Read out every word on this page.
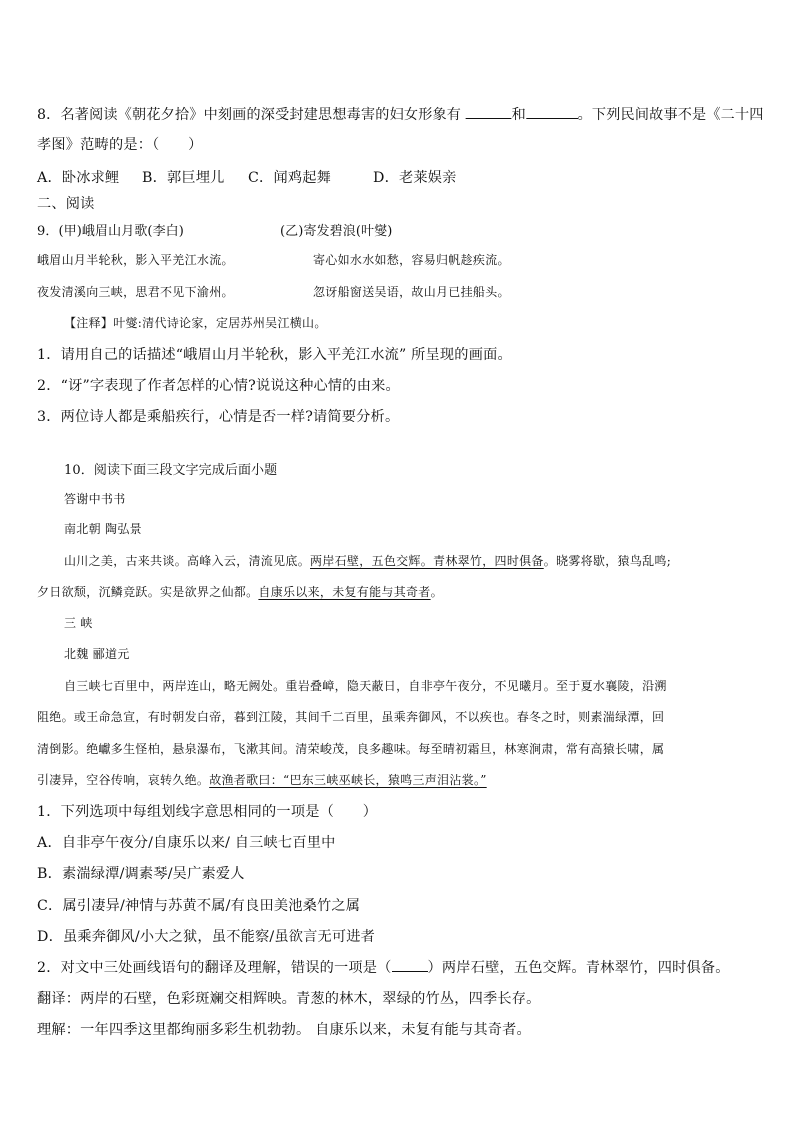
8．名著阅读《朝花夕拾》中刻画的深受封建思想毒害的妇女形象有	和	。下列民间故事不是《二十四
孝图》范畴的是：（　　）
A．卧冰求鲤 B．郭巨埋儿 C．闻鸡起舞	D．老莱娱亲
二、阅读
9．(甲)峨眉山月歌(李白)	(乙)寄发碧浪(叶燮)
峨眉山月半轮秋，影入平羌江水流。	寄心如水水如愁，容易归帆趁疾流。
夜发清溪向三峡，思君不见下渝州。	忽讶船窗送吴语，故山月已挂船头。
【注释】叶燮:清代诗论家，定居苏州吴江横山。
1．请用自己的话描述“峨眉山月半轮秋，影入平羌江水流” 所呈现的画面。
2．“讶”字表现了作者怎样的心情?说说这种心情的由来。
3．两位诗人都是乘船疾行，心情是否一样?请简要分析。
10．阅读下面三段文字完成后面小题
答谢中书书
南北朝 陶弘景
山川之美，古来共谈。高峰入云，清流见底。两岸石壁，五色交辉。青林翠竹，四时俱备。晓雾将歇，猿鸟乱鸣;
夕日欲颓，沉鳞竞跃。实是欲界之仙都。自康乐以来，未复有能与其奇者。
三 峡
北魏 郦道元
自三峡七百里中，两岸连山，略无阙处。重岩叠嶂，隐天蔽日，自非亭午夜分，不见曦月。至于夏水襄陵，沿溯
阻绝。或王命急宣，有时朝发白帝，暮到江陵，其间千二百里，虽乘奔御风，不以疾也。春冬之时，则素湍绿潭，回
清倒影。绝巘多生怪柏，悬泉瀑布，飞漱其间。清荣峻茂，良多趣味。每至晴初霜旦，林寒涧肃，常有高猿长啸，属
引凄异，空谷传响，哀转久绝。故渔者歌曰：“巴东三峡巫峡长，猿鸣三声泪沾裳。”
1．下列选项中每组划线字意思相同的一项是（　　）
A．自非亭午夜分/自康乐以来/ 自三峡七百里中
B．素湍绿潭/调素琴/吴广素爱人
C．属引凄异/神情与苏黄不属/有良田美池桑竹之属
D．虽乘奔御风/小大之狱，虽不能察/虽欲言无可进者
2．对文中三处画线语句的翻译及理解，错误的一项是（	）两岸石壁，五色交辉。青林翠竹，四时俱备。
翻译：两岸的石壁，色彩斑斓交相辉映。青葱的林木，翠绿的竹丛，四季长存。
理解：一年四季这里都绚丽多彩生机勃勃。 自康乐以来，未复有能与其奇者。
